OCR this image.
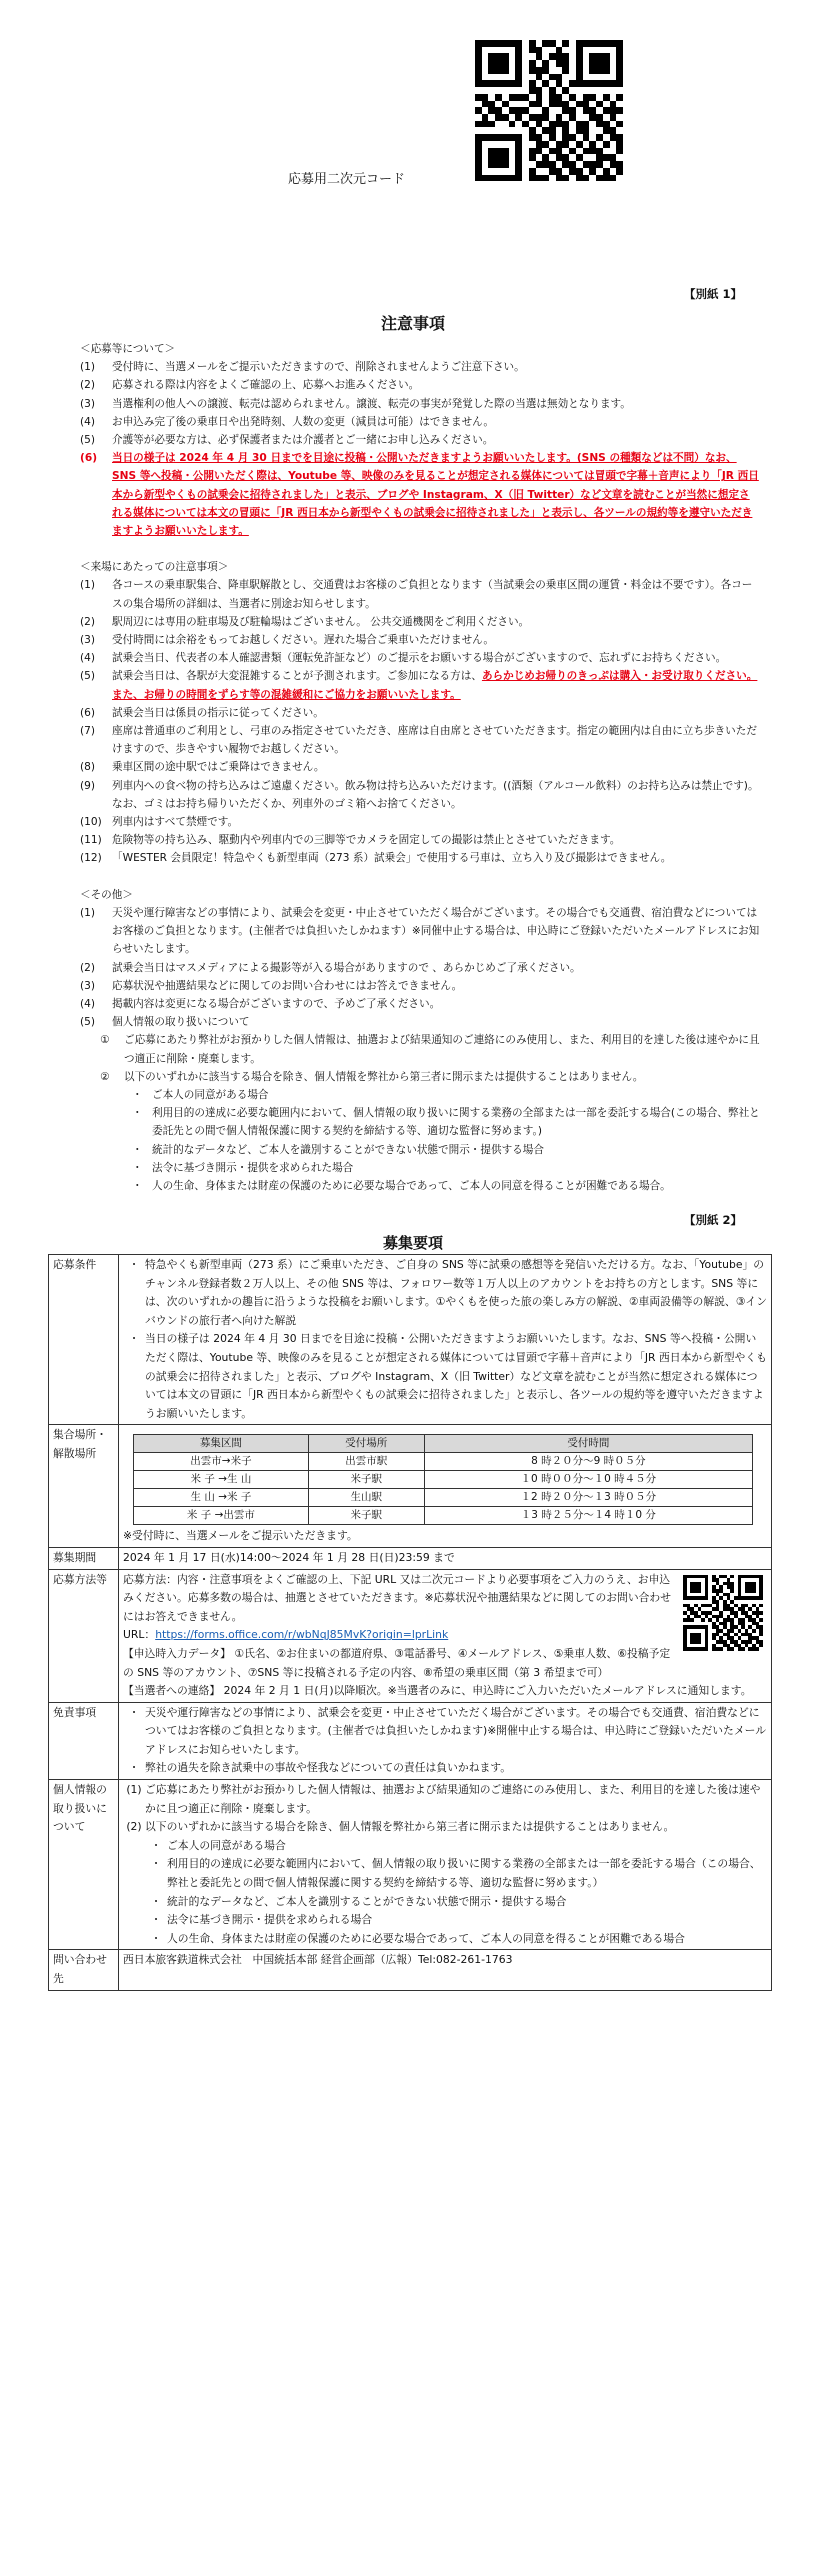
応募用二次元コード
【別紙 1】
注意事項
＜応募等について＞
(1)	受付時に、当選メールをご提示いただきますので、削除されませんようご注意下さい。
(2)	応募される際は内容をよくご確認の上、応募へお進みください。
(3)	当選権利の他人への譲渡、転売は認められません。譲渡、転売の事実が発覚した際の当選は無効となります。
(4)	お申込み完了後の乗車日や出発時刻、人数の変更（減員は可能）はできません。
(5)	介護等が必要な方は、必ず保護者または介護者とご一緒にお申し込みください。
(6)	当日の様子は 2024 年 4 月 30 日までを目途に投稿・公開いただきますようお願いいたします。(SNS の種類などは不問）なお、SNS 等へ投稿・公開いただく際は、Youtube 等、映像のみを見ることが想定される媒体については冒頭で字幕＋音声により「JR 西日本から新型やくもの試乗会に招待されました」と表示、ブログや Instagram、X（旧 Twitter）など文章を読むことが当然に想定される媒体については本文の冒頭に「JR 西日本から新型やくもの試乗会に招待されました」と表示し、各ツールの規約等を遵守いただきますようお願いいたします。
＜来場にあたっての注意事項＞
(1)	各コースの乗車駅集合、降車駅解散とし、交通費はお客様のご負担となります（当試乗会の乗車区間の運賃・料金は不要です）。各コースの集合場所の詳細は、当選者に別途お知らせします。
(2)	駅周辺には専用の駐車場及び駐輪場はございません。 公共交通機関をご利用ください。
(3)	受付時間には余裕をもってお越しください。遅れた場合ご乗車いただけません。
(4)	試乗会当日、代表者の本人確認書類（運転免許証など）のご提示をお願いする場合がございますので、忘れずにお持ちください。
(5)	試乗会当日は、各駅が大変混雑することが予測されます。ご参加になる方は、あらかじめお帰りのきっぷは購入・お受け取りください。また、お帰りの時間をずらす等の混雑緩和にご協力をお願いいたします。
(6)	試乗会当日は係員の指示に従ってください。
(7)	座席は普通車のご利用とし、弓車のみ指定させていただき、座席は自由席とさせていただきます。指定の範囲内は自由に立ち歩きいただけますので、歩きやすい履物でお越しください。
(8)	乗車区間の途中駅ではご乗降はできません。
(9)	列車内への食べ物の持ち込みはご遠慮ください。飲み物は持ち込みいただけます。((酒類（アルコール飲料）のお持ち込みは禁止です)。なお、ゴミはお持ち帰りいただくか、列車外のゴミ箱へお捨てください。
(10) 列車内はすべて禁煙です。
(11) 危険物等の持ち込み、駆動内や列車内での三脚等でカメラを固定しての撮影は禁止とさせていただきます。
(12) 「WESTER 会員限定！特急やくも新型車両（273 系）試乗会」で使用する弓車は、立ち入り及び撮影はできません。
＜その他＞
(1)	天災や運行障害などの事情により、試乗会を変更・中止させていただく場合がございます。その場合でも交通費、宿泊費などについてはお客様のご負担となります。(主催者では負担いたしかねます）※同催中止する場合は、申込時にご登録いただいたメールアドレスにお知らせいたします。
(2)	試乗会当日はマスメディアによる撮影等が入る場合がありますので 、あらかじめご了承ください。
(3)	応募状況や抽選結果などに関してのお問い合わせにはお答えできません。
(4)	掲載内容は変更になる場合がございますので、予めご了承ください。
(5)	個人情報の取り扱いについて
①	ご応募にあたり弊社がお預かりした個人情報は、抽選および結果通知のご連絡にのみ使用し、また、利用目的を達した後は速やかに且つ適正に削除・廃棄します。
②	以下のいずれかに該当する場合を除き、個人情報を弊社から第三者に開示または提供することはありません。
・ ご本人の同意がある場合
・ 利用目的の達成に必要な範囲内において、個人情報の取り扱いに関する業務の全部または一部を委託する場合(この場合、弊社と委託先との間で個人情報保護に関する契約を締結する等、適切な監督に努めます。)
・ 統計的なデータなど、ご本人を識別することができない状態で開示・提供する場合
・ 法令に基づき開示・提供を求められた場合
・ 人の生命、身体または財産の保護のために必要な場合であって、ご本人の同意を得ることが困難である場合。
【別紙 2】
募集要項
応募条件	・ 特急やくも新型車両（273 系）にご乗車いただき、ご自身の SNS 等に試乗の感想等を発信いただける方。なお、「Youtube」のチャンネル登録者数２万人以上、その他 SNS 等は、フォロワー数等１万人以上のアカウントをお持ちの方とします。SNS 等には、次のいずれかの趣旨に沿うような投稿をお願いします。①やくもを使った旅の楽しみ方の解説、②車両設備等の解説、③インバウンドの旅行者へ向けた解説
・ 当日の様子は 2024 年 4 月 30 日までを目途に投稿・公開いただきますようお願いいたします。なお、SNS 等へ投稿・公開いただく際は、Youtube 等、映像のみを見ることが想定される媒体については冒頭で字幕＋音声により「JR 西日本から新型やくもの試乗会に招待されました」と表示、ブログや Instagram、X（旧 Twitter）など文章を読むことが当然に想定される媒体については本文の冒頭に「JR 西日本から新型やくもの試乗会に招待されました」と表示し、各ツールの規約等を遵守いただきますようお願いいたします。

集合場所・解散場所	
募集区間	受付場所	受付時間
出雲市→米子	出雲市駅	8 時２０分～9 時０５分
米 子 →生 山	米子駅	１0 時００分～１0 時４５分
生 山 →米 子	生山駅	１2 時２０分～１3 時０５分
米 子 →出雲市	米子駅	１3 時２５分～１4 時１0 分
※受付時に、当選メールをご提示いただきます。

募集期間	2024 年 1 月 17 日(水)14:00～2024 年 1 月 28 日(日)23:59 まで
応募方法等	応募方法：内容・注意事項をよくご確認の上、下記 URL 又は二次元コードより必要事項をご入力のうえ、お申込みください。応募多数の場合は、抽選とさせていただきます。※応募状況や抽選結果などに関してのお問い合わせにはお答えできません。
URL：https://forms.office.com/r/wbNqJ85MvK?origin=lprLink
【申込時入力データ】 ①氏名、②お住まいの都道府県、③電話番号、④メールアドレス、⑤乗車人数、⑥投稿予定の SNS 等のアカウント、⑦SNS 等に投稿される予定の内容、⑧希望の乗車区間（第 3 希望まで可）
【当選者への連絡】 2024 年 2 月 1 日(月)以降順次。※当選者のみに、申込時にご入力いただいたメールアドレスに通知します。

免責事項	・ 天災や運行障害などの事情により、試乗会を変更・中止させていただく場合がございます。その場合でも交通費、宿泊費などについてはお客様のご負担となります。(主催者では負担いたしかねます)※開催中止する場合は、申込時にご登録いただいたメールアドレスにお知らせいたします。
・ 弊社の過失を除き試乗中の事故や怪我などについての責任は負いかねます。

個人情報の取り扱いについて	
(1) ご応募にあたり弊社がお預かりした個人情報は、抽選および結果通知のご連絡にのみ使用し、また、利用目的を達した後は速やかに且つ適正に削除・廃棄します。
(2) 以下のいずれかに該当する場合を除き、個人情報を弊社から第三者に開示または提供することはありません。
・ ご本人の同意がある場合
・ 利用目的の達成に必要な範囲内において、個人情報の取り扱いに関する業務の全部または一部を委託する場合（この場合、弊社と委託先との間で個人情報保護に関する契約を締結する等、適切な監督に努めます。）
・ 統計的なデータなど、ご本人を識別することができない状態で開示・提供する場合
・ 法令に基づき開示・提供を求められる場合
・ 人の生命、身体または財産の保護のために必要な場合であって、ご本人の同意を得ることが困難である場合

問い合わせ先	西日本旅客鉄道株式会社　中国統括本部 経営企画部（広報）Tel:082-261-1763
